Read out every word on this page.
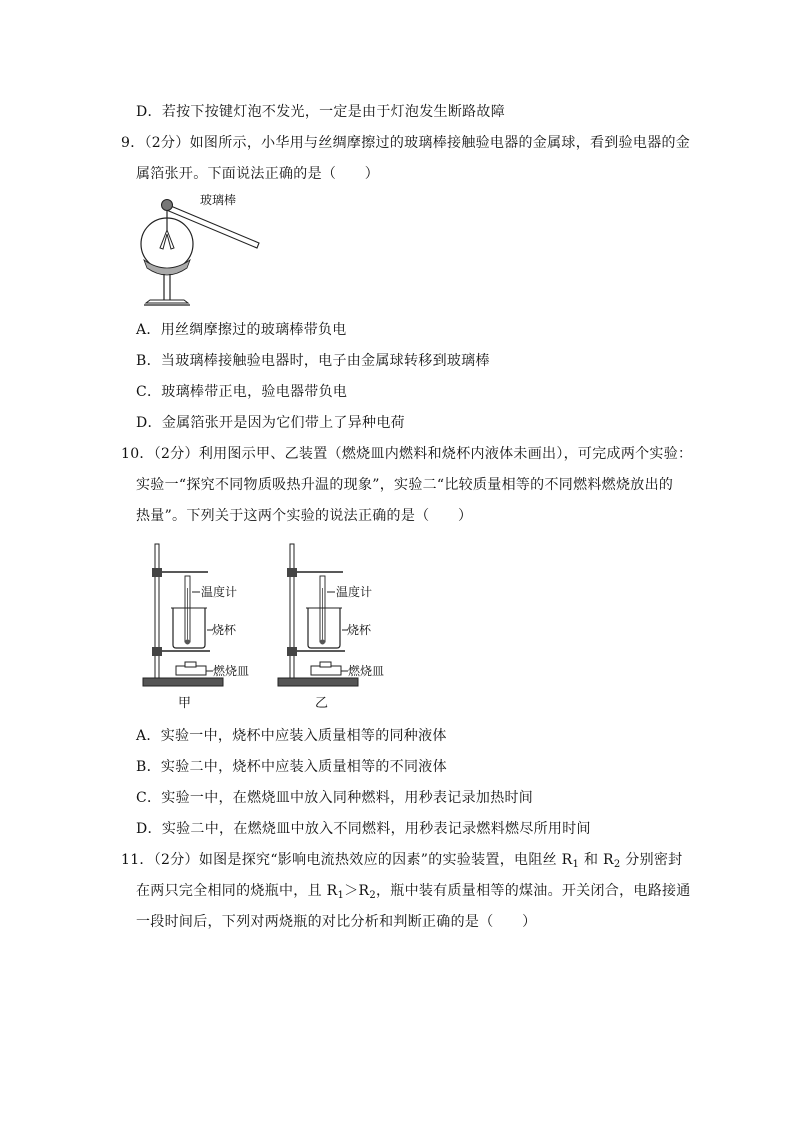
D．若按下按键灯泡不发光，一定是由于灯泡发生断路故障
9．（2分）如图所示，小华用与丝绸摩擦过的玻璃棒接触验电器的金属球，看到验电器的金
属箔张开。下面说法正确的是（　　）
玻璃棒
A．用丝绸摩擦过的玻璃棒带负电
B．当玻璃棒接触验电器时，电子由金属球转移到玻璃棒
C．玻璃棒带正电，验电器带负电
D．金属箔张开是因为它们带上了异种电荷
10．（2分）利用图示甲、乙装置（燃烧皿内燃料和烧杯内液体未画出），可完成两个实验：
实验一“探究不同物质吸热升温的现象”，实验二“比较质量相等的不同燃料燃烧放出的
热量”。下列关于这两个实验的说法正确的是（　　）
温度计
烧杯
燃烧皿
甲
温度计
烧杯
燃烧皿
乙
A．实验一中，烧杯中应装入质量相等的同种液体
B．实验二中，烧杯中应装入质量相等的不同液体
C．实验一中，在燃烧皿中放入同种燃料，用秒表记录加热时间
D．实验二中，在燃烧皿中放入不同燃料，用秒表记录燃料燃尽所用时间
11．（2分）如图是探究“影响电流热效应的因素”的实验装置，电阻丝 $R_1$ 和 $R_2$ 分别密封
在两只完全相同的烧瓶中，且 $R_1>R_2$，瓶中装有质量相等的煤油。开关闭合，电路接通
一段时间后，下列对两烧瓶的对比分析和判断正确的是（　　）
